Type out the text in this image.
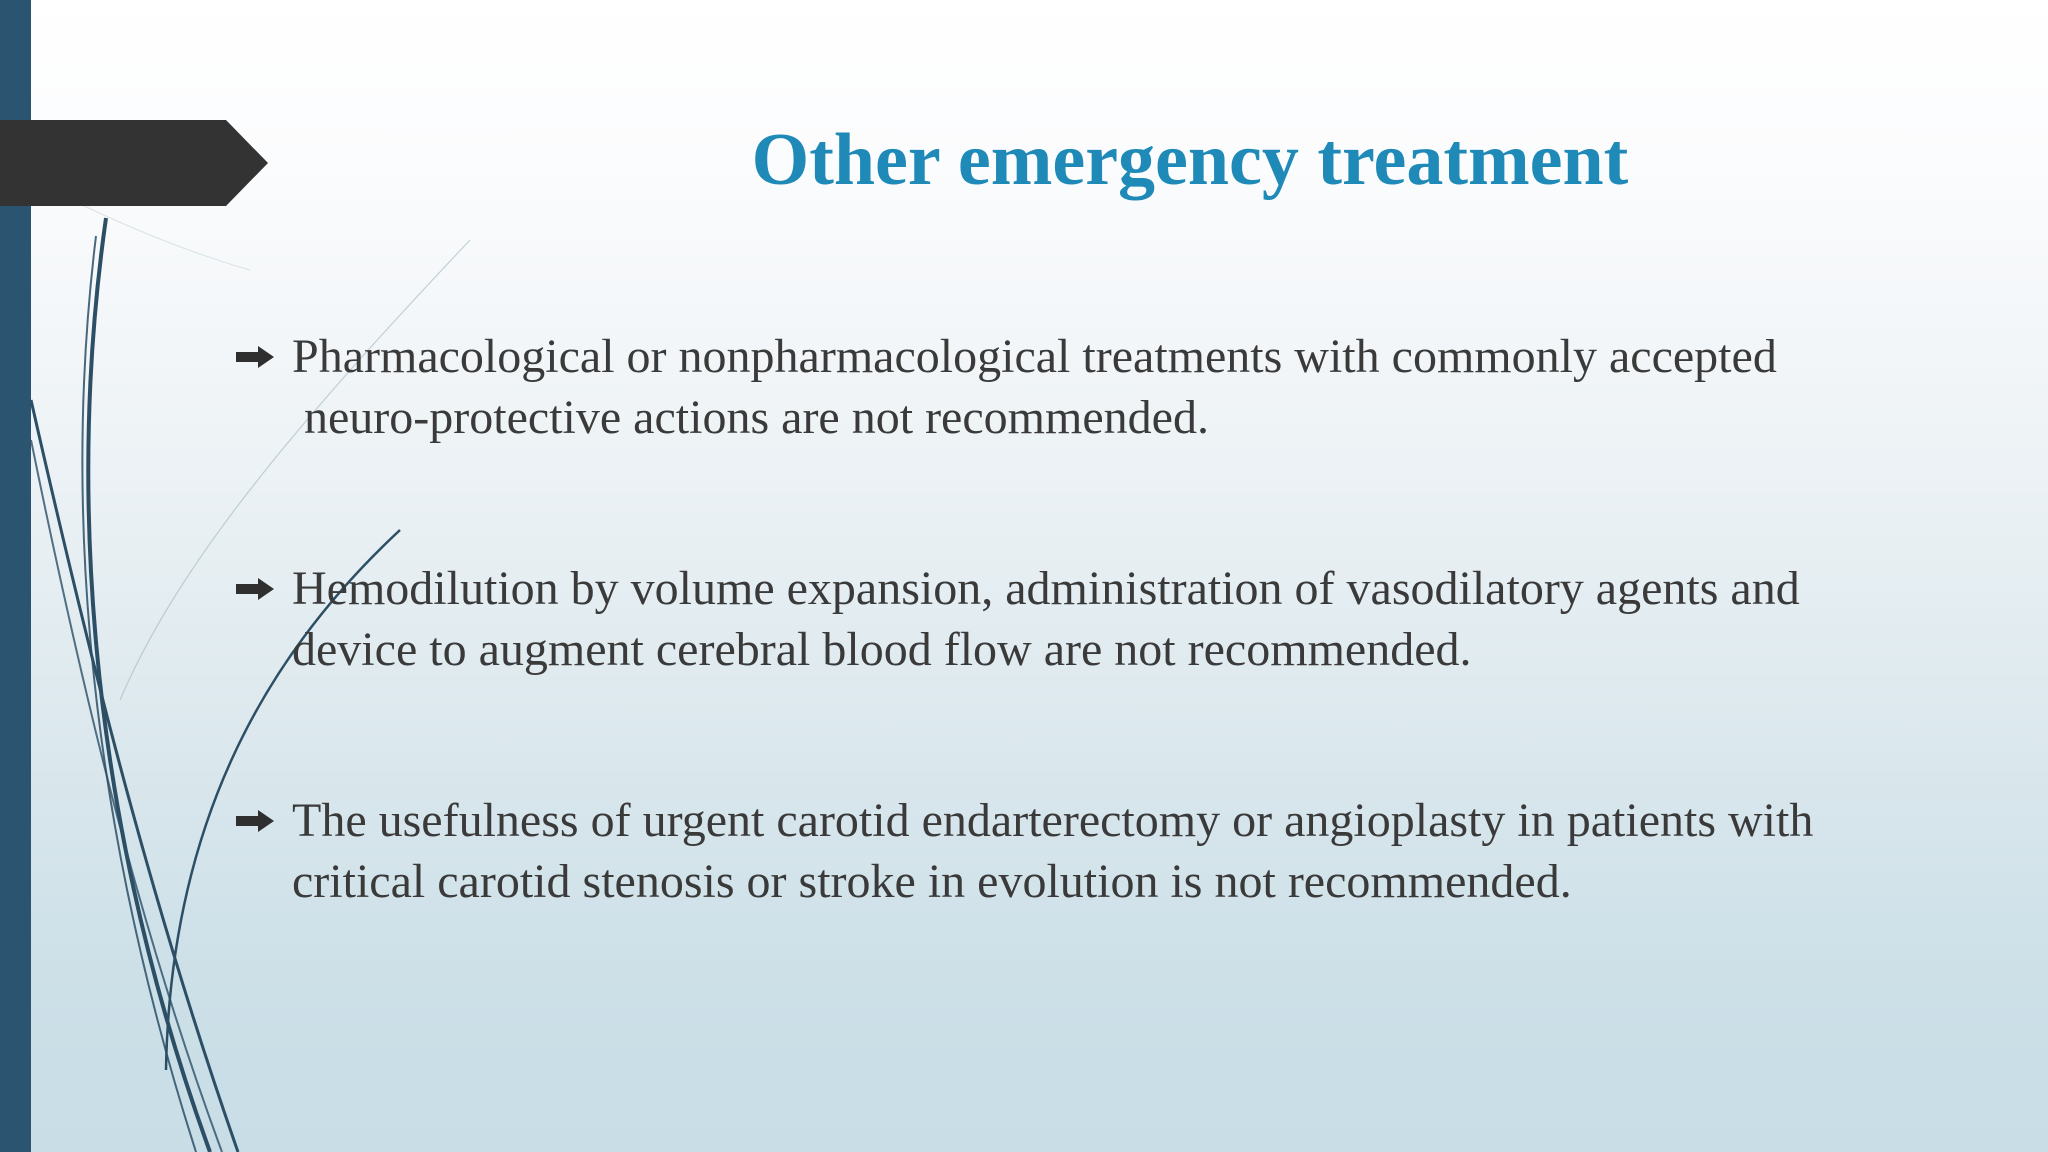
Other emergency treatment
Pharmacological or nonpharmacological treatments with commonly accepted
neuro-protective actions are not recommended.
Hemodilution by volume expansion, administration of vasodilatory agents and
device to augment cerebral blood flow are not recommended.
The usefulness of urgent carotid endarterectomy or angioplasty in patients with
critical carotid stenosis or stroke in evolution is not recommended.
